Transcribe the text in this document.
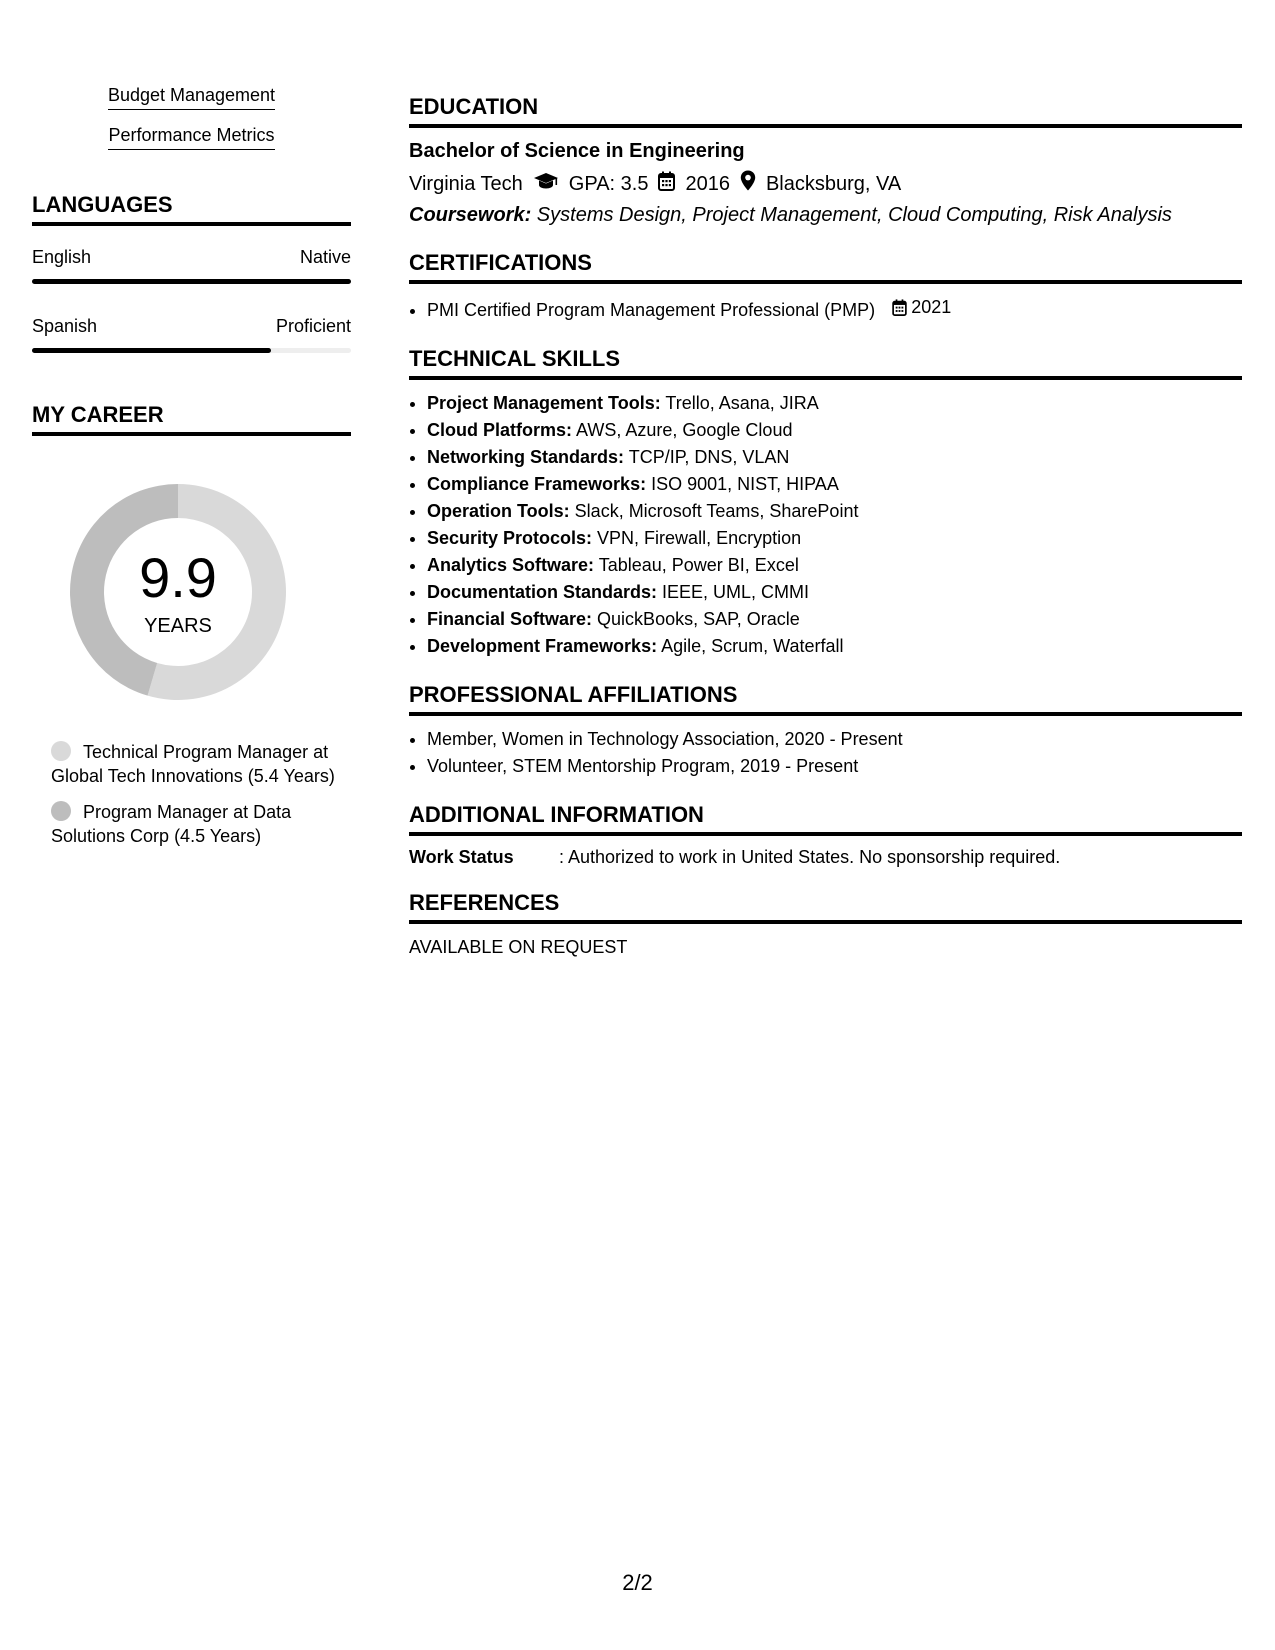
Budget Management
Performance Metrics
LANGUAGES
English	Native
Spanish	Proficient
MY CAREER
9.9
YEARS
Technical Program Manager at Global Tech Innovations (5.4 Years)
Program Manager at Data Solutions Corp (4.5 Years)
EDUCATION
Bachelor of Science in Engineering
Virginia Tech GPA: 3.5 2016 Blacksburg, VA
Coursework: Systems Design, Project Management, Cloud Computing, Risk Analysis
CERTIFICATIONS
• PMI Certified Program Management Professional (PMP) 2021
TECHNICAL SKILLS
• Project Management Tools: Trello, Asana, JIRA
• Cloud Platforms: AWS, Azure, Google Cloud
• Networking Standards: TCP/IP, DNS, VLAN
• Compliance Frameworks: ISO 9001, NIST, HIPAA
• Operation Tools: Slack, Microsoft Teams, SharePoint
• Security Protocols: VPN, Firewall, Encryption
• Analytics Software: Tableau, Power BI, Excel
• Documentation Standards: IEEE, UML, CMMI
• Financial Software: QuickBooks, SAP, Oracle
• Development Frameworks: Agile, Scrum, Waterfall
PROFESSIONAL AFFILIATIONS
• Member, Women in Technology Association, 2020 - Present
• Volunteer, STEM Mentorship Program, 2019 - Present
ADDITIONAL INFORMATION
Work Status	: Authorized to work in United States. No sponsorship required.
REFERENCES
AVAILABLE ON REQUEST
2/2
